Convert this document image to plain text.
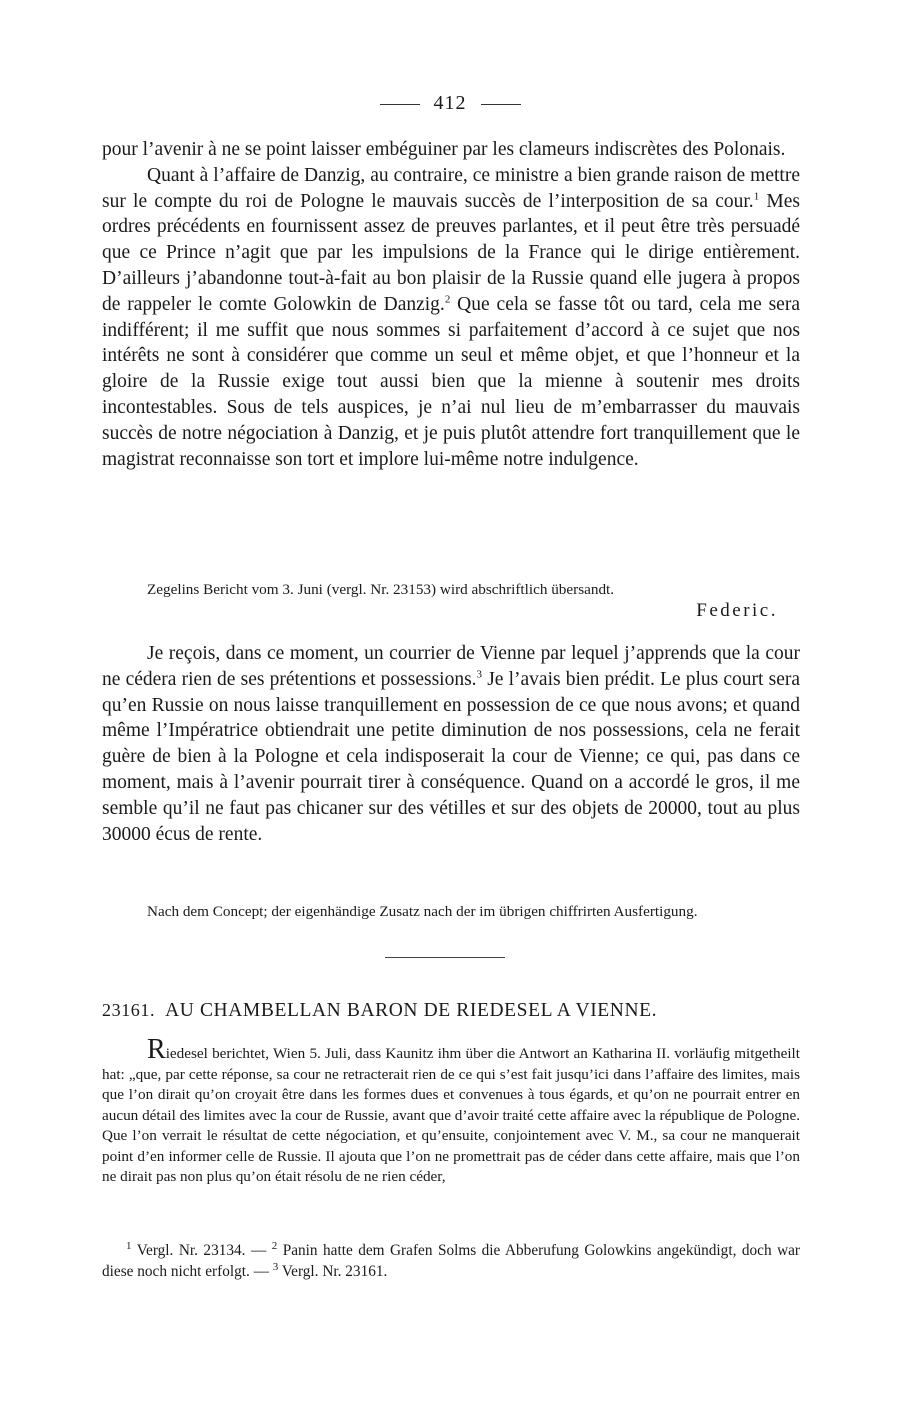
412

pour l’avenir à ne se point laisser embéguiner par les clameurs indiscrètes des Polonais.

Quant à l’affaire de Danzig, au contraire, ce ministre a bien grande raison de mettre sur le compte du roi de Pologne le mauvais succès de l’interposition de sa cour.$^1$ Mes ordres précédents en fournissent assez de preuves parlantes, et il peut être très persuadé que ce Prince n’agit que par les impulsions de la France qui le dirige entièrement. D’ailleurs j’abandonne tout-à-fait au bon plaisir de la Russie quand elle jugera à propos de rappeler le comte Golowkin de Danzig.$^2$ Que cela se fasse tôt ou tard, cela me sera indifférent; il me suffit que nous sommes si parfaitement d’accord à ce sujet que nos intérêts ne sont à considérer que comme un seul et même objet, et que l’honneur et la gloire de la Russie exige tout aussi bien que la mienne à soutenir mes droits incontestables. Sous de tels auspices, je n’ai nul lieu de m’embarrasser du mauvais succès de notre négociation à Danzig, et je puis plutôt attendre fort tranquillement que le magistrat reconnaisse son tort et implore lui-même notre indulgence.

Zegelins Bericht vom 3. Juni (vergl. Nr. 23153) wird abschriftlich übersandt.

Federic.

Je reçois, dans ce moment, un courrier de Vienne par lequel j’apprends que la cour ne cédera rien de ses prétentions et possessions.$^3$ Je l’avais bien prédit. Le plus court sera qu’en Russie on nous laisse tranquillement en possession de ce que nous avons; et quand même l’Impératrice obtiendrait une petite diminution de nos possessions, cela ne ferait guère de bien à la Pologne et cela indisposerait la cour de Vienne; ce qui, pas dans ce moment, mais à l’avenir pourrait tirer à conséquence. Quand on a accordé le gros, il me semble qu’il ne faut pas chicaner sur des vétilles et sur des objets de 20000, tout au plus 30000 écus de rente.

Nach dem Concept; der eigenhändige Zusatz nach der im übrigen chiffrirten Ausfertigung.

23161. AU CHAMBELLAN BARON DE RIEDESEL A VIENNE.

Riedesel berichtet, Wien 5. Juli, dass Kaunitz ihm über die Antwort an Katharina II. vorläufig mitgetheilt hat: „que, par cette réponse, sa cour ne retracterait rien de ce qui s’est fait jusqu’ici dans l’affaire des limites, mais que l’on dirait qu’on croyait être dans les formes dues et convenues à tous égards, et qu’on ne pourrait entrer en aucun détail des limites avec la cour de Russie, avant que d’avoir traité cette affaire avec la république de Pologne. Que l’on verrait le résultat de cette négociation, et qu’ensuite, conjointement avec V. M., sa cour ne manquerait point d’en informer celle de Russie. Il ajouta que l’on ne promettrait pas de céder dans cette affaire, mais que l’on ne dirait pas non plus qu’on était résolu de ne rien céder,

$^1$ Vergl. Nr. 23134. — $^2$ Panin hatte dem Grafen Solms die Abberufung Golowkins angekündigt, doch war diese noch nicht erfolgt. — $^3$ Vergl. Nr. 23161.
